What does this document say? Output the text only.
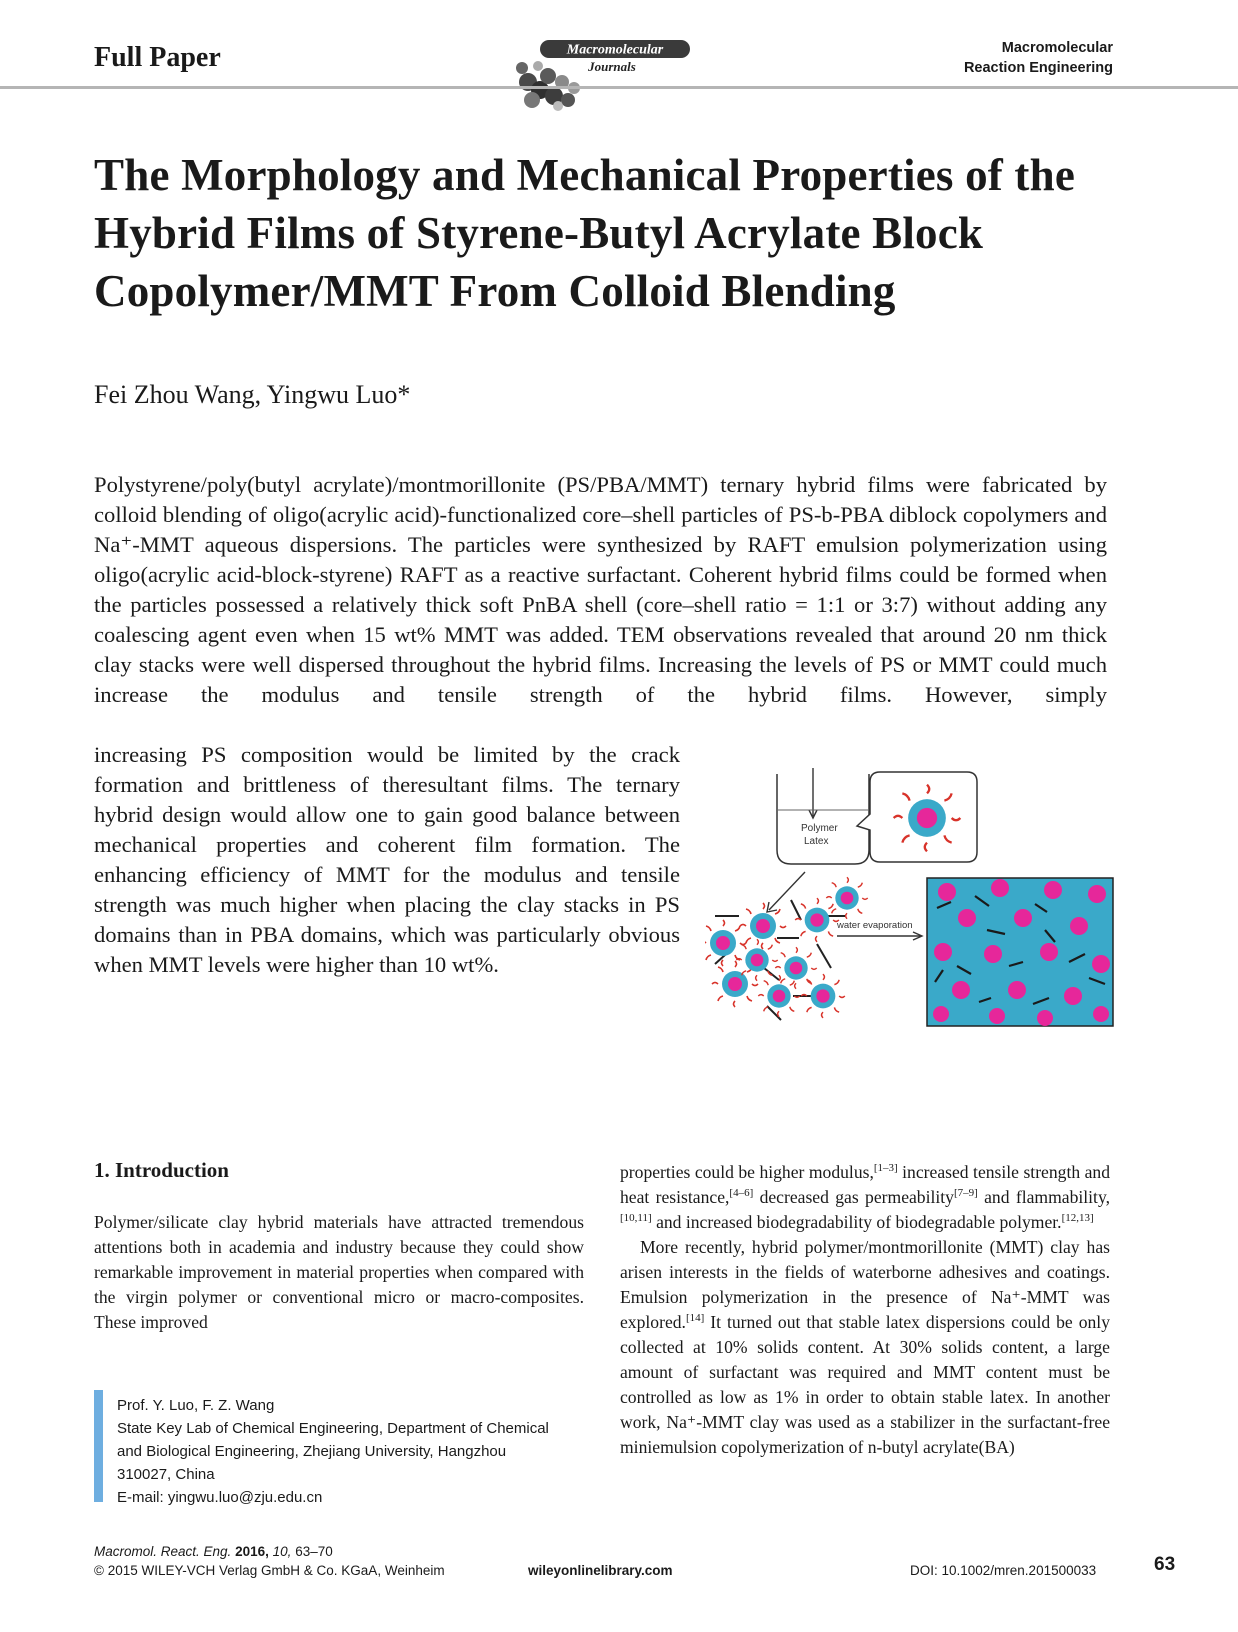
Full Paper	Macromolecular
Journals
Macromolecular
Reaction Engineering
The Morphology and Mechanical Properties of the Hybrid Films of Styrene-Butyl Acrylate Block Copolymer/MMT From Colloid Blending
Fei Zhou Wang, Yingwu Luo*

Polystyrene/poly(butyl acrylate)/montmorillonite (PS/PBA/MMT) ternary hybrid films were fabricated by colloid blending of oligo(acrylic acid)-functionalized core–shell particles of PS-b-PBA diblock copolymers and Na⁺-MMT aqueous dispersions. The particles were synthesized by RAFT emulsion polymerization using oligo(acrylic acid-block-styrene) RAFT as a reactive surfactant. Coherent hybrid films could be formed when the particles possessed a relatively thick soft PnBA shell (core–shell ratio = 1:1 or 3:7) without adding any coalescing agent even when 15 wt% MMT was added. TEM observations revealed that around 20 nm thick clay stacks were well dispersed throughout the hybrid films. Increasing the levels of PS or MMT could much increase the modulus and tensile strength of the hybrid films. However, simply

increasing PS composition would be limited by the crack formation and brittleness of theresultant films. The ternary hybrid design would allow one to gain good balance between mechanical properties and coherent film formation. The enhancing efficiency of MMT for the modulus and tensile strength was much higher when placing the clay stacks in PS domains than in PBA domains, which was particularly obvious when MMT levels were higher than 10 wt%.

Polymer
Latex
water evaporation
1. Introduction

Polymer/silicate clay hybrid materials have attracted tremendous attentions both in academia and industry because they could show remarkable improvement in material properties when compared with the virgin polymer or conventional micro or macro-composites. These improved

properties could be higher modulus,[1–3] increased tensile strength and heat resistance,[4–6] decreased gas permeability[7–9] and flammability,[10,11] and increased biodegradability of biodegradable polymer.[12,13]

More recently, hybrid polymer/montmorillonite (MMT) clay has arisen interests in the fields of waterborne adhesives and coatings. Emulsion polymerization in the presence of Na⁺-MMT was explored.[14] It turned out that stable latex dispersions could be only collected at 10% solids content. At 30% solids content, a large amount of surfactant was required and MMT content must be controlled as low as 1% in order to obtain stable latex. In another work, Na⁺-MMT clay was used as a stabilizer in the surfactant-free miniemulsion copolymerization of n-butyl acrylate(BA)

Prof. Y. Luo, F. Z. Wang
State Key Lab of Chemical Engineering, Department of Chemical
and Biological Engineering, Zhejiang University, Hangzhou
310027, China
E-mail: yingwu.luo@zju.edu.cn
Macromol. React. Eng. 2016, 10, 63–70
© 2015 WILEY-VCH Verlag GmbH & Co. KGaA, Weinheim	wileyonlinelibrary.com	DOI: 10.1002/mren.201500033	63
